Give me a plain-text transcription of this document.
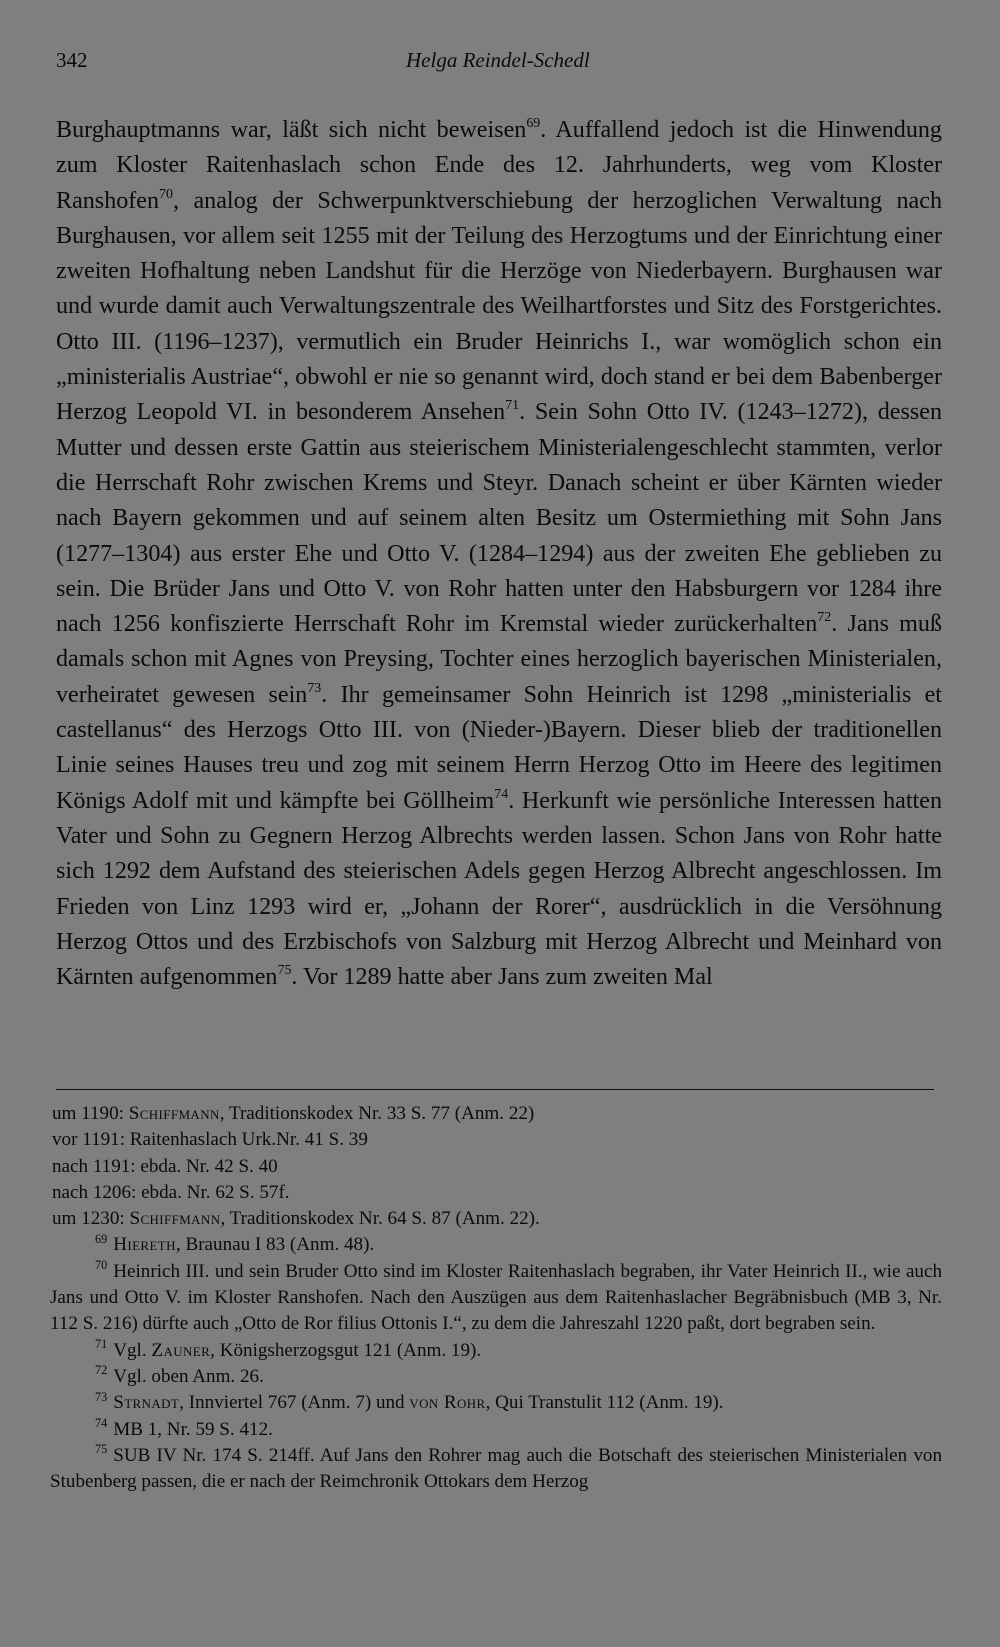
342	Helga Reindel-Schedl

Burghauptmanns war, läßt sich nicht beweisen$^{69}$. Auffallend jedoch ist die Hinwendung zum Kloster Raitenhaslach schon Ende des 12. Jahrhunderts, weg vom Kloster Ranshofen$^{70}$, analog der Schwerpunktverschiebung der herzoglichen Verwaltung nach Burghausen, vor allem seit 1255 mit der Teilung des Herzogtums und der Einrichtung einer zweiten Hofhaltung neben Landshut für die Herzöge von Niederbayern. Burghausen war und wurde damit auch Verwaltungszentrale des Weilhartforstes und Sitz des Forstgerichtes. Otto III. (1196–1237), vermutlich ein Bruder Heinrichs I., war womöglich schon ein „ministerialis Austriae“, obwohl er nie so genannt wird, doch stand er bei dem Babenberger Herzog Leopold VI. in besonderem Ansehen$^{71}$. Sein Sohn Otto IV. (1243–1272), dessen Mutter und dessen erste Gattin aus steierischem Ministerialengeschlecht stammten, verlor die Herrschaft Rohr zwischen Krems und Steyr. Danach scheint er über Kärnten wieder nach Bayern gekommen und auf seinem alten Besitz um Ostermiething mit Sohn Jans (1277–1304) aus erster Ehe und Otto V. (1284–1294) aus der zweiten Ehe geblieben zu sein. Die Brüder Jans und Otto V. von Rohr hatten unter den Habsburgern vor 1284 ihre nach 1256 konfiszierte Herrschaft Rohr im Kremstal wieder zurückerhalten$^{72}$. Jans muß damals schon mit Agnes von Preysing, Tochter eines herzoglich bayerischen Ministerialen, verheiratet gewesen sein$^{73}$. Ihr gemeinsamer Sohn Heinrich ist 1298 „ministerialis et castellanus“ des Herzogs Otto III. von (Nieder-)Bayern. Dieser blieb der traditionellen Linie seines Hauses treu und zog mit seinem Herrn Herzog Otto im Heere des legitimen Königs Adolf mit und kämpfte bei Göllheim$^{74}$. Herkunft wie persönliche Interessen hatten Vater und Sohn zu Gegnern Herzog Albrechts werden lassen. Schon Jans von Rohr hatte sich 1292 dem Aufstand des steierischen Adels gegen Herzog Albrecht angeschlossen. Im Frieden von Linz 1293 wird er, „Johann der Rorer“, ausdrücklich in die Versöhnung Herzog Ottos und des Erzbischofs von Salzburg mit Herzog Albrecht und Meinhard von Kärnten aufgenommen$^{75}$. Vor 1289 hatte aber Jans zum zweiten Mal

um 1190: Schiffmann, Traditionskodex Nr. 33 S. 77 (Anm. 22)

vor 1191: Raitenhaslach Urk.Nr. 41 S. 39

nach 1191: ebda. Nr. 42 S. 40

nach 1206: ebda. Nr. 62 S. 57f.

um 1230: Schiffmann, Traditionskodex Nr. 64 S. 87 (Anm. 22).

$^{69}$ Hiereth, Braunau I 83 (Anm. 48).

$^{70}$ Heinrich III. und sein Bruder Otto sind im Kloster Raitenhaslach begraben, ihr Vater Heinrich II., wie auch Jans und Otto V. im Kloster Ranshofen. Nach den Auszügen aus dem Raitenhaslacher Begräbnisbuch (MB 3, Nr. 112 S. 216) dürfte auch „Otto de Ror filius Ottonis I.“, zu dem die Jahreszahl 1220 paßt, dort begraben sein.

$^{71}$ Vgl. Zauner, Königsherzogsgut 121 (Anm. 19).

$^{72}$ Vgl. oben Anm. 26.

$^{73}$ Strnadt, Innviertel 767 (Anm. 7) und von Rohr, Qui Transtulit 112 (Anm. 19).

$^{74}$ MB 1, Nr. 59 S. 412.

$^{75}$ SUB IV Nr. 174 S. 214ff. Auf Jans den Rohrer mag auch die Botschaft des steierischen Ministerialen von Stubenberg passen, die er nach der Reimchronik Ottokars dem Herzog
